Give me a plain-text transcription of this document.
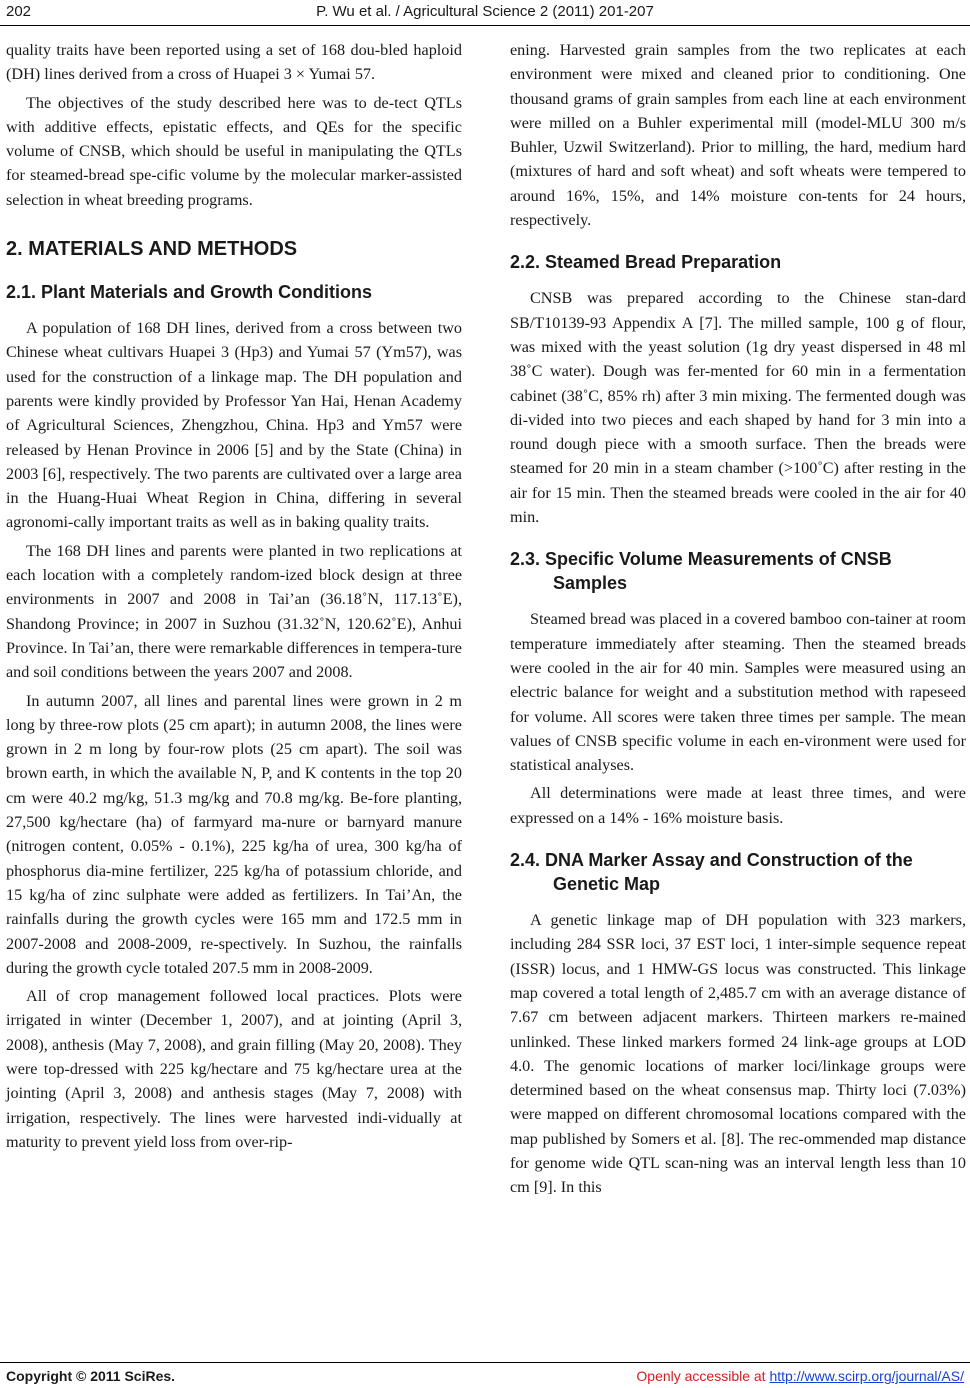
202	P. Wu et al. / Agricultural Science 2 (2011) 201-207

quality traits have been reported using a set of 168 dou-bled haploid (DH) lines derived from a cross of Huapei 3 × Yumai 57.

The objectives of the study described here was to de-tect QTLs with additive effects, epistatic effects, and QEs for the specific volume of CNSB, which should be useful in manipulating the QTLs for steamed-bread spe-cific volume by the molecular marker-assisted selection in wheat breeding programs.

2. MATERIALS AND METHODS
2.1. Plant Materials and Growth Conditions

A population of 168 DH lines, derived from a cross between two Chinese wheat cultivars Huapei 3 (Hp3) and Yumai 57 (Ym57), was used for the construction of a linkage map. The DH population and parents were kindly provided by Professor Yan Hai, Henan Academy of Agricultural Sciences, Zhengzhou, China. Hp3 and Ym57 were released by Henan Province in 2006 [5] and by the State (China) in 2003 [6], respectively. The two parents are cultivated over a large area in the Huang-Huai Wheat Region in China, differing in several agronomi-cally important traits as well as in baking quality traits.

The 168 DH lines and parents were planted in two replications at each location with a completely random-ized block design at three environments in 2007 and 2008 in Tai’an (36.18˚N, 117.13˚E), Shandong Province; in 2007 in Suzhou (31.32˚N, 120.62˚E), Anhui Province. In Tai’an, there were remarkable differences in tempera-ture and soil conditions between the years 2007 and 2008.

In autumn 2007, all lines and parental lines were grown in 2 m long by three-row plots (25 cm apart); in autumn 2008, the lines were grown in 2 m long by four-row plots (25 cm apart). The soil was brown earth, in which the available N, P, and K contents in the top 20 cm were 40.2 mg/kg, 51.3 mg/kg and 70.8 mg/kg. Be-fore planting, 27,500 kg/hectare (ha) of farmyard ma-nure or barnyard manure (nitrogen content, 0.05% - 0.1%), 225 kg/ha of urea, 300 kg/ha of phosphorus dia-mine fertilizer, 225 kg/ha of potassium chloride, and 15 kg/ha of zinc sulphate were added as fertilizers. In Tai’An, the rainfalls during the growth cycles were 165 mm and 172.5 mm in 2007-2008 and 2008-2009, re-spectively. In Suzhou, the rainfalls during the growth cycle totaled 207.5 mm in 2008-2009.

All of crop management followed local practices. Plots were irrigated in winter (December 1, 2007), and at jointing (April 3, 2008), anthesis (May 7, 2008), and grain filling (May 20, 2008). They were top-dressed with 225 kg/hectare and 75 kg/hectare urea at the jointing (April 3, 2008) and anthesis stages (May 7, 2008) with irrigation, respectively. The lines were harvested indi-vidually at maturity to prevent yield loss from over-rip-

ening. Harvested grain samples from the two replicates at each environment were mixed and cleaned prior to conditioning. One thousand grams of grain samples from each line at each environment were milled on a Buhler experimental mill (model-MLU 300 m/s Buhler, Uzwil Switzerland). Prior to milling, the hard, medium hard (mixtures of hard and soft wheat) and soft wheats were tempered to around 16%, 15%, and 14% moisture con-tents for 24 hours, respectively.

2.2. Steamed Bread Preparation

CNSB was prepared according to the Chinese stan-dard SB/T10139-93 Appendix A [7]. The milled sample, 100 g of flour, was mixed with the yeast solution (1g dry yeast dispersed in 48 ml 38˚C water). Dough was fer-mented for 60 min in a fermentation cabinet (38˚C, 85% rh) after 3 min mixing. The fermented dough was di-vided into two pieces and each shaped by hand for 3 min into a round dough piece with a smooth surface. Then the breads were steamed for 20 min in a steam chamber (>100˚C) after resting in the air for 15 min. Then the steamed breads were cooled in the air for 40 min.

2.3. Specific Volume Measurements of CNSB Samples

Steamed bread was placed in a covered bamboo con-tainer at room temperature immediately after steaming. Then the steamed breads were cooled in the air for 40 min. Samples were measured using an electric balance for weight and a substitution method with rapeseed for volume. All scores were taken three times per sample. The mean values of CNSB specific volume in each en-vironment were used for statistical analyses.

All determinations were made at least three times, and were expressed on a 14% - 16% moisture basis.

2.4. DNA Marker Assay and Construction of the Genetic Map

A genetic linkage map of DH population with 323 markers, including 284 SSR loci, 37 EST loci, 1 inter-simple sequence repeat (ISSR) locus, and 1 HMW-GS locus was constructed. This linkage map covered a total length of 2,485.7 cm with an average distance of 7.67 cm between adjacent markers. Thirteen markers re-mained unlinked. These linked markers formed 24 link-age groups at LOD 4.0. The genomic locations of marker loci/linkage groups were determined based on the wheat consensus map. Thirty loci (7.03%) were mapped on different chromosomal locations compared with the map published by Somers et al. [8]. The rec-ommended map distance for genome wide QTL scan-ning was an interval length less than 10 cm [9]. In this

Copyright © 2011 SciRes.	Openly accessible at http://www.scirp.org/journal/AS/
